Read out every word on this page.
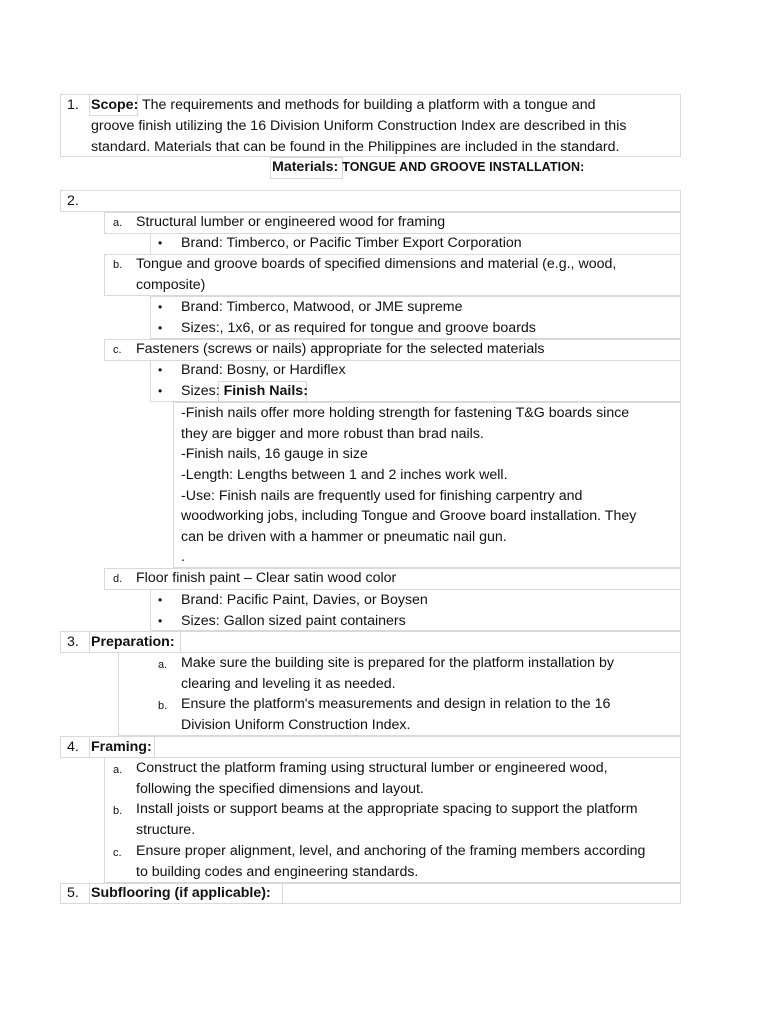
1. Scope: The requirements and methods for building a platform with a tongue and
groove finish utilizing the 16 Division Uniform Construction Index are described in this
standard. Materials that can be found in the Philippines are included in the standard.
Materials: TONGUE AND GROOVE INSTALLATION:
2.
a. Structural lumber or engineered wood for framing
• Brand: Timberco, or Pacific Timber Export Corporation
b. Tongue and groove boards of specified dimensions and material (e.g., wood,
composite)
• Brand: Timberco, Matwood, or JME supreme
• Sizes:, 1x6, or as required for tongue and groove boards
c. Fasteners (screws or nails) appropriate for the selected materials
• Brand: Bosny, or Hardiflex
• Sizes: Finish Nails:
-Finish nails offer more holding strength for fastening T&G boards since
they are bigger and more robust than brad nails.
-Finish nails, 16 gauge in size
-Length: Lengths between 1 and 2 inches work well.
-Use: Finish nails are frequently used for finishing carpentry and
woodworking jobs, including Tongue and Groove board installation. They
can be driven with a hammer or pneumatic nail gun.
.
d. Floor finish paint – Clear satin wood color
• Brand: Pacific Paint, Davies, or Boysen
• Sizes: Gallon sized paint containers
3. Preparation:
a. Make sure the building site is prepared for the platform installation by
clearing and leveling it as needed.
b. Ensure the platform's measurements and design in relation to the 16
Division Uniform Construction Index.
4. Framing:
a. Construct the platform framing using structural lumber or engineered wood,
following the specified dimensions and layout.
b. Install joists or support beams at the appropriate spacing to support the platform
structure.
c. Ensure proper alignment, level, and anchoring of the framing members according
to building codes and engineering standards.
5. Subflooring (if applicable):
